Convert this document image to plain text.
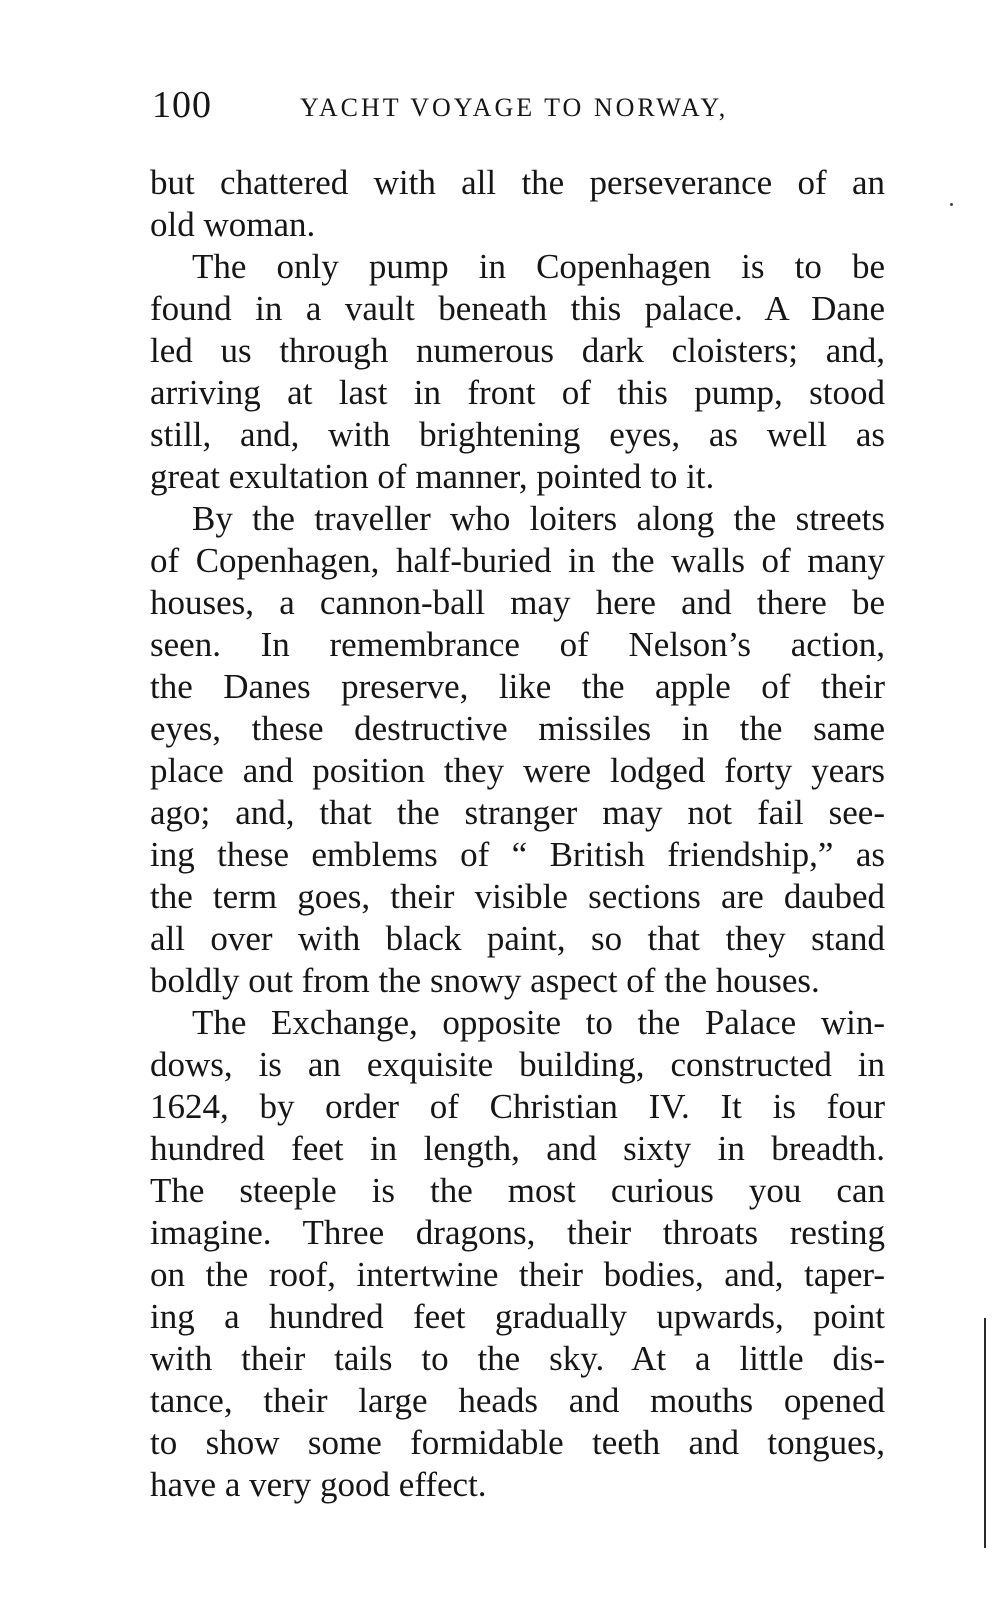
100	YACHT VOYAGE TO NORWAY,
but chattered with all the perseverance of an
old woman.
The only pump in Copenhagen is to be
found in a vault beneath this palace. A Dane
led us through numerous dark cloisters; and,
arriving at last in front of this pump, stood
still, and, with brightening eyes, as well as
great exultation of manner, pointed to it.
By the traveller who loiters along the streets
of Copenhagen, half-buried in the walls of many
houses, a cannon-ball may here and there be
seen. In remembrance of Nelson’s action,
the Danes preserve, like the apple of their
eyes, these destructive missiles in the same
place and position they were lodged forty years
ago; and, that the stranger may not fail see-
ing these emblems of “ British friendship,” as
the term goes, their visible sections are daubed
all over with black paint, so that they stand
boldly out from the snowy aspect of the houses.
The Exchange, opposite to the Palace win-
dows, is an exquisite building, constructed in
1624, by order of Christian IV. It is four
hundred feet in length, and sixty in breadth.
The steeple is the most curious you can
imagine. Three dragons, their throats resting
on the roof, intertwine their bodies, and, taper-
ing a hundred feet gradually upwards, point
with their tails to the sky. At a little dis-
tance, their large heads and mouths opened
to show some formidable teeth and tongues,
have a very good effect.
